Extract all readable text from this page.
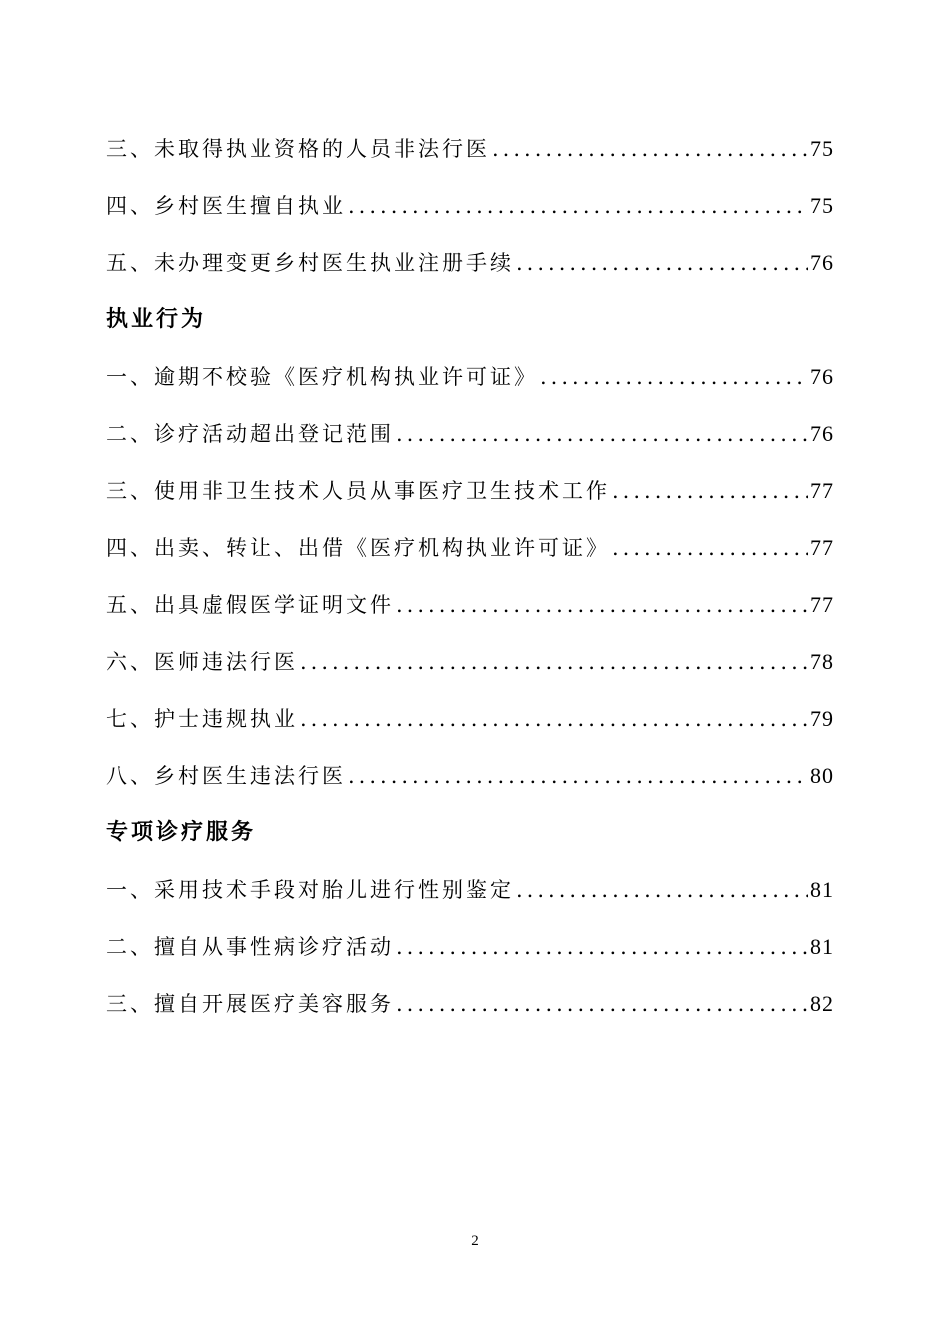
三、未取得执业资格的人员非法行医 .....	75
四、乡村医生擅自执业 .....	75
五、未办理变更乡村医生执业注册手续 .....	76
执业行为
一、逾期不校验《医疗机构执业许可证》 .....	76
二、诊疗活动超出登记范围 .....	76
三、使用非卫生技术人员从事医疗卫生技术工作 .....	77
四、出卖、转让、出借《医疗机构执业许可证》 .....	77
五、出具虚假医学证明文件 .....	77
六、医师违法行医 .....	78
七、护士违规执业 .....	79
八、乡村医生违法行医 .....	80
专项诊疗服务
一、采用技术手段对胎儿进行性别鉴定 .....	81
二、擅自从事性病诊疗活动 .....	81
三、擅自开展医疗美容服务 .....	82
2
